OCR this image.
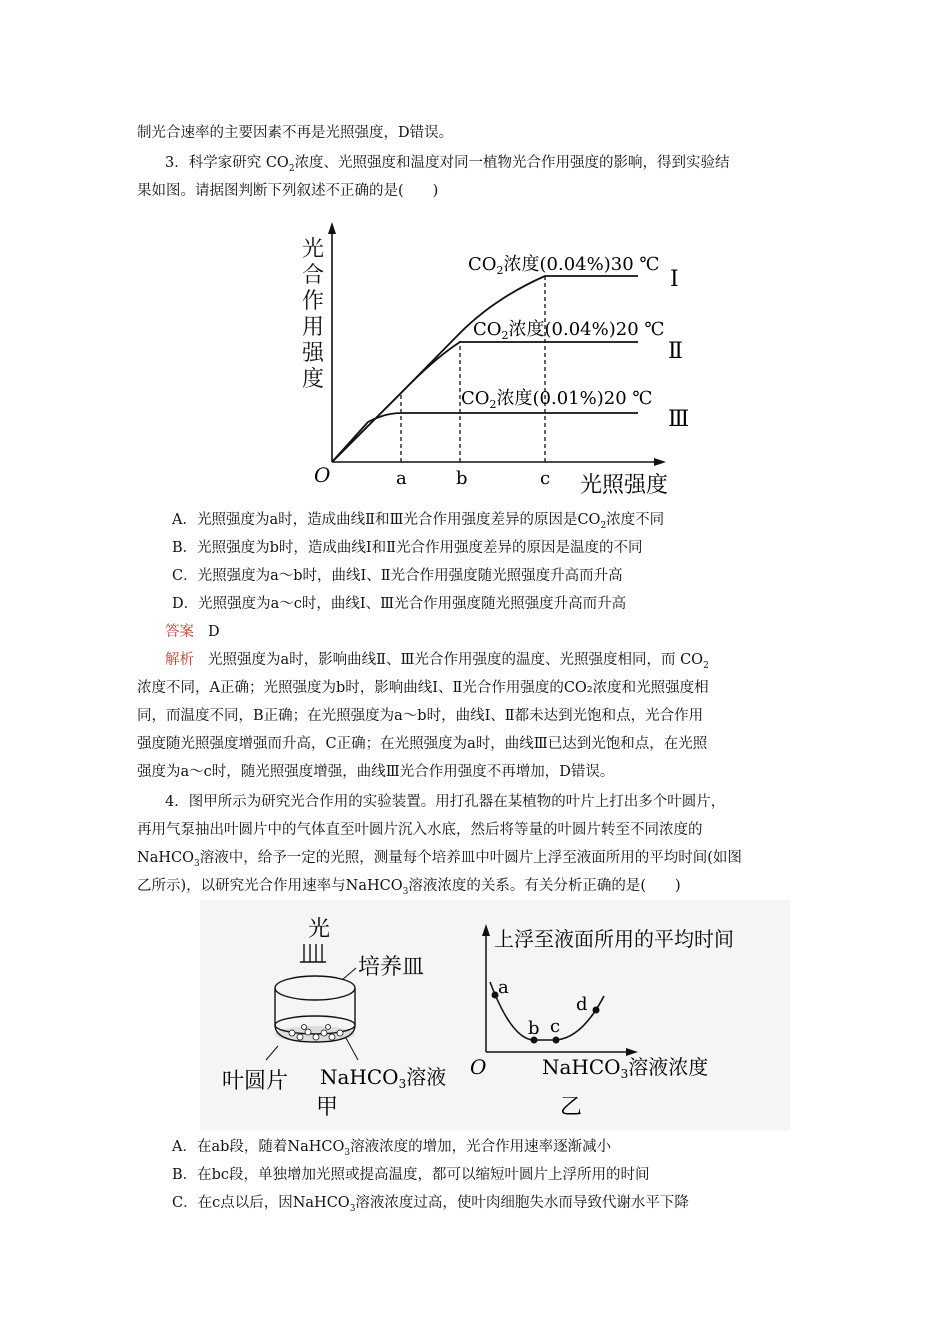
制光合速率的主要因素不再是光照强度，D错误。
3．科学家研究 $CO_2$浓度、光照强度和温度对同一植物光合作用强度的影响，得到实验结
果如图。请据图判断下列叙述不正确的是(　　)
光
合
作
用
强
度
O	光照强度
a	b	c
$CO_2$浓度(0.04%)30 ℃
Ⅰ
$CO_2$浓度(0.04%)20 ℃
Ⅱ
$CO_2$浓度(0.01%)20 ℃
Ⅲ
A．光照强度为a时，造成曲线Ⅱ和Ⅲ光合作用强度差异的原因是$CO_2$浓度不同
B．光照强度为b时，造成曲线Ⅰ和Ⅱ光合作用强度差异的原因是温度的不同
C．光照强度为a～b时，曲线Ⅰ、Ⅱ光合作用强度随光照强度升高而升高
D．光照强度为a～c时，曲线Ⅰ、Ⅲ光合作用强度随光照强度升高而升高
答案 D
解析 光照强度为a时，影响曲线Ⅱ、Ⅲ光合作用强度的温度、光照强度相同，而 $CO_2$
浓度不同，A正确；光照强度为b时，影响曲线Ⅰ、Ⅱ光合作用强度的CO₂浓度和光照强度相
同，而温度不同，B正确；在光照强度为a～b时，曲线Ⅰ、Ⅱ都未达到光饱和点，光合作用
强度随光照强度增强而升高，C正确；在光照强度为a时，曲线Ⅲ已达到光饱和点，在光照
强度为a～c时，随光照强度增强，曲线Ⅲ光合作用强度不再增加，D错误。
4．图甲所示为研究光合作用的实验装置。用打孔器在某植物的叶片上打出多个叶圆片，
再用气泵抽出叶圆片中的气体直至叶圆片沉入水底，然后将等量的叶圆片转至不同浓度的
NaHCO$_3$溶液中，给予一定的光照，测量每个培养皿中叶圆片上浮至液面所用的平均时间(如图
乙所示)，以研究光合作用速率与NaHCO$_3$溶液浓度的关系。有关分析正确的是(　　)
光
培养皿
叶圆片 NaHCO$_3$溶液
甲
上浮至液面所用的平均时间
a
b c
d
O	NaHCO$_3$溶液浓度
乙
A．在ab段，随着NaHCO$_3$溶液浓度的增加，光合作用速率逐渐减小
B．在bc段，单独增加光照或提高温度，都可以缩短叶圆片上浮所用的时间
C．在c点以后，因NaHCO$_3$溶液浓度过高，使叶肉细胞失水而导致代谢水平下降
